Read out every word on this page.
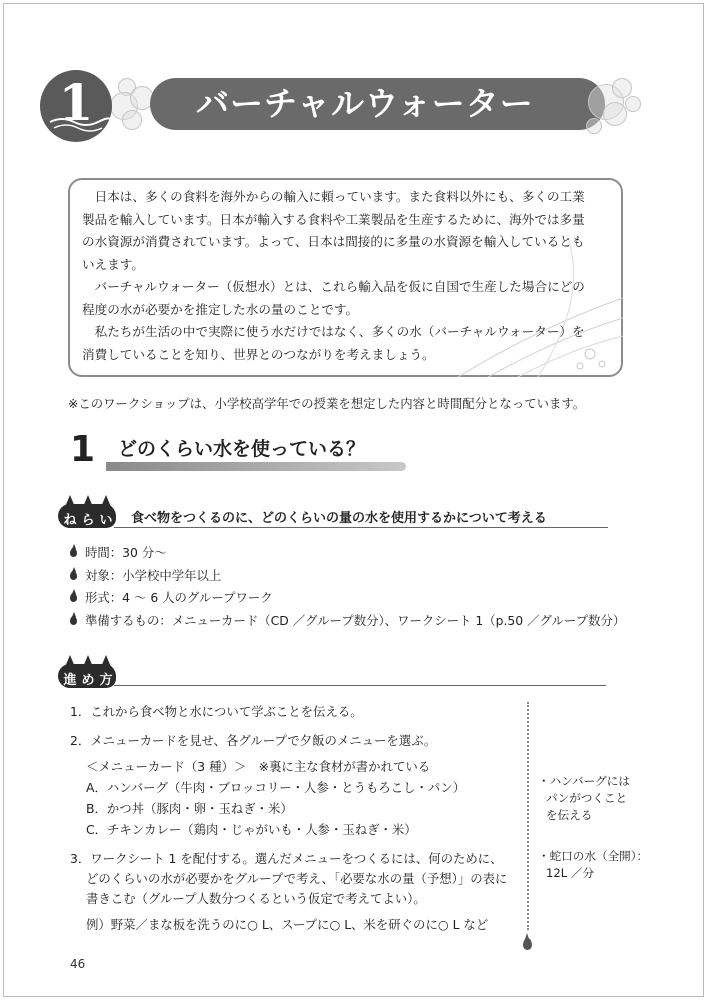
バーチャルウォーター
1
日本は、多くの食料を海外からの輸入に頼っています。また食料以外にも、多くの工業
製品を輸入しています。日本が輸入する食料や工業製品を生産するために、海外では多量
の水資源が消費されています。よって、日本は間接的に多量の水資源を輸入しているとも
いえます。
バーチャルウォーター（仮想水）とは、これら輸入品を仮に自国で生産した場合にどの
程度の水が必要かを推定した水の量のことです。
私たちが生活の中で実際に使う水だけではなく、多くの水（バーチャルウォーター）を
消費していることを知り、世界とのつながりを考えましょう。
※このワークショップは、小学校高学年での授業を想定した内容と時間配分となっています。
1 どのくらい水を使っている？
ね ら い 食べ物をつくるのに、どのくらいの量の水を使用するかについて考える
時間：30 分〜
対象：小学校中学年以上
形式：4 〜 6 人のグループワーク
準備するもの：メニューカード（CD ／グループ数分）、ワークシート 1（p.50 ／グループ数分）
進 め 方
1．これから食べ物と水について学ぶことを伝える。
2．メニューカードを見せ、各グループで夕飯のメニューを選ぶ。
＜メニューカード（3 種）＞　※裏に主な食材が書かれている
A．ハンバーグ（牛肉・ブロッコリー・人参・とうもろこし・パン）
B．かつ丼（豚肉・卵・玉ねぎ・米）
C．チキンカレー（鶏肉・じゃがいも・人参・玉ねぎ・米）
3．ワークシート 1 を配付する。選んだメニューをつくるには、何のために、
どのくらいの水が必要かをグループで考え、「必要な水の量（予想）」の表に
書きこむ（グループ人数分つくるという仮定で考えてよい）。
例）野菜／まな板を洗うのに○ L、スープに○ L、米を研ぐのに○ L など
・ハンバーグには
パンがつくこと
を伝える
・蛇口の水（全開）：
12L ／分
46
